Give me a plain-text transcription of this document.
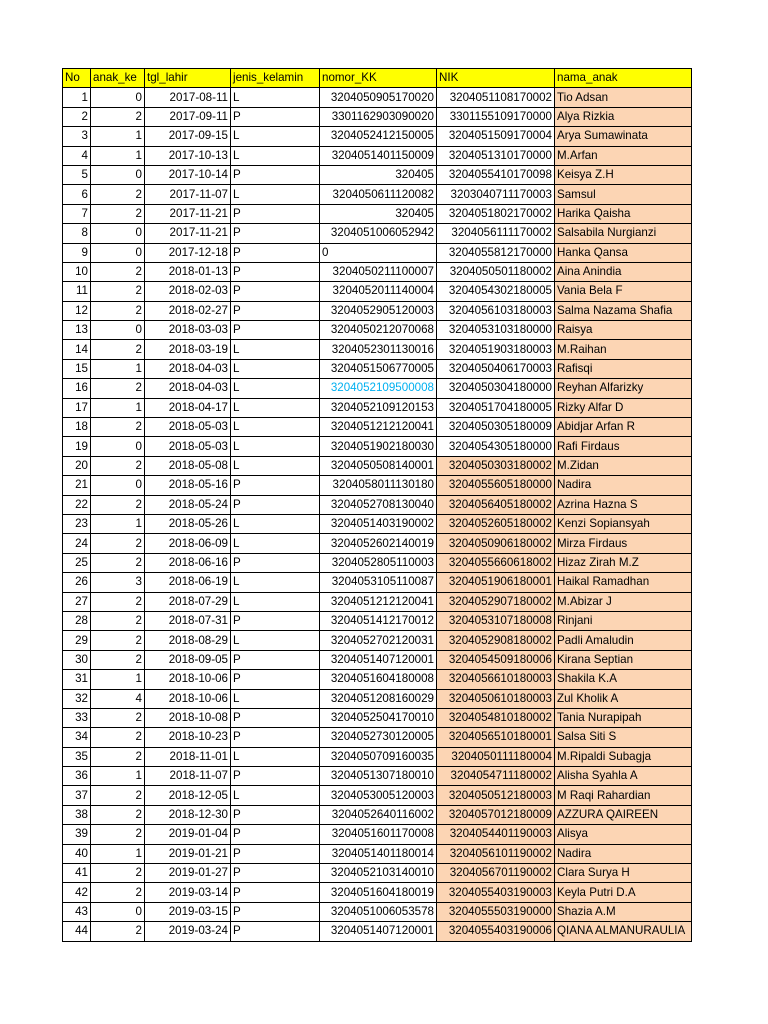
No	anak_ke	tgl_lahir	jenis_kelamin	nomor_KK	NIK	nama_anak
1	0	2017-08-11	L	3204050905170020	3204051108170002	Tio Adsan
2	2	2017-09-11	P	3301162903090020	3301155109170000	Alya Rizkia
3	1	2017-09-15	L	3204052412150005	3204051509170004	Arya Sumawinata
4	1	2017-10-13	L	3204051401150009	3204051310170000	M.Arfan
5	0	2017-10-14	P	320405	3204055410170098	Keisya Z.H
6	2	2017-11-07	L	3204050611120082	3203040711170003	Samsul
7	2	2017-11-21	P	320405	3204051802170002	Harika Qaisha
8	0	2017-11-21	P	3204051006052942	3204056111170002	Salsabila Nurgianzi
9	0	2017-12-18	P	0	3204055812170000	Hanka Qansa
10	2	2018-01-13	P	3204050211100007	3204050501180002	Aina Anindia
11	2	2018-02-03	P	3204052011140004	3204054302180005	Vania Bela F
12	2	2018-02-27	P	3204052905120003	3204056103180003	Salma Nazama Shafia
13	0	2018-03-03	P	3204050212070068	3204053103180000	Raisya
14	2	2018-03-19	L	3204052301130016	3204051903180003	M.Raihan
15	1	2018-04-03	L	3204051506770005	3204050406170003	Rafisqi
16	2	2018-04-03	L	3204052109500008	3204050304180000	Reyhan Alfarizky
17	1	2018-04-17	L	3204052109120153	3204051704180005	Rizky Alfar D
18	2	2018-05-03	L	3204051212120041	3204050305180009	Abidjar Arfan R
19	0	2018-05-03	L	3204051902180030	3204054305180000	Rafi Firdaus
20	2	2018-05-08	L	3204050508140001	3204050303180002	M.Zidan
21	0	2018-05-16	P	3204058011130180	3204055605180000	Nadira
22	2	2018-05-24	P	3204052708130040	3204056405180002	Azrina Hazna S
23	1	2018-05-26	L	3204051403190002	3204052605180002	Kenzi Sopiansyah
24	2	2018-06-09	L	3204052602140019	3204050906180002	Mirza Firdaus
25	2	2018-06-16	P	3204052805110003	3204055660618002	Hizaz Zirah M.Z
26	3	2018-06-19	L	3204053105110087	3204051906180001	Haikal Ramadhan
27	2	2018-07-29	L	3204051212120041	3204052907180002	M.Abizar J
28	2	2018-07-31	P	3204051412170012	3204053107180008	Rinjani
29	2	2018-08-29	L	3204052702120031	3204052908180002	Padli Amaludin
30	2	2018-09-05	P	3204051407120001	3204054509180006	Kirana Septian
31	1	2018-10-06	P	3204051604180008	3204056610180003	Shakila K.A
32	4	2018-10-06	L	3204051208160029	3204050610180003	Zul Kholik A
33	2	2018-10-08	P	3204052504170010	3204054810180002	Tania Nurapipah
34	2	2018-10-23	P	3204052730120005	3204056510180001	Salsa Siti S
35	2	2018-11-01	L	3204050709160035	3204050111180004	M.Ripaldi Subagja
36	1	2018-11-07	P	3204051307180010	3204054711180002	Alisha Syahla A
37	2	2018-12-05	L	3204053005120003	3204050512180003	M Raqi Rahardian
38	2	2018-12-30	P	3204052640116002	3204057012180009	AZZURA QAIREEN
39	2	2019-01-04	P	3204051601170008	3204054401190003	Alisya
40	1	2019-01-21	P	3204051401180014	3204056101190002	Nadira
41	2	2019-01-27	P	3204052103140010	3204056701190002	Clara Surya H
42	2	2019-03-14	P	3204051604180019	3204055403190003	Keyla Putri D.A
43	0	2019-03-15	P	3204051006053578	3204055503190000	Shazia A.M
44	2	2019-03-24	P	3204051407120001	3204055403190006	QIANA ALMANURAULIA
